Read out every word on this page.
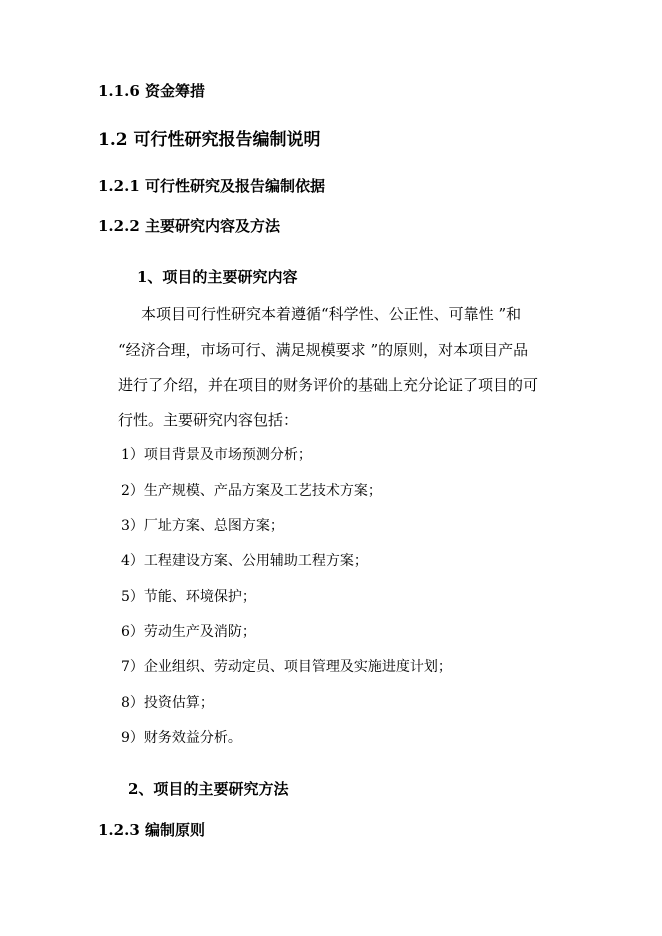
1.1.6 资金筹措
1.2 可行性研究报告编制说明
1.2.1 可行性研究及报告编制依据
1.2.2 主要研究内容及方法
1、项目的主要研究内容
本项目可行性研究本着遵循“科学性、公正性、可靠性 ”和
“经济合理，市场可行、满足规模要求 ”的原则，对本项目产品
进行了介绍，并在项目的财务评价的基础上充分论证了项目的可
行性。主要研究内容包括：
1）项目背景及市场预测分析；
2）生产规模、产品方案及工艺技术方案；
3）厂址方案、总图方案；
4）工程建设方案、公用辅助工程方案；
5）节能、环境保护；
6）劳动生产及消防；
7）企业组织、劳动定员、项目管理及实施进度计划；
8）投资估算；
9）财务效益分析。
2、项目的主要研究方法
1.2.3 编制原则
